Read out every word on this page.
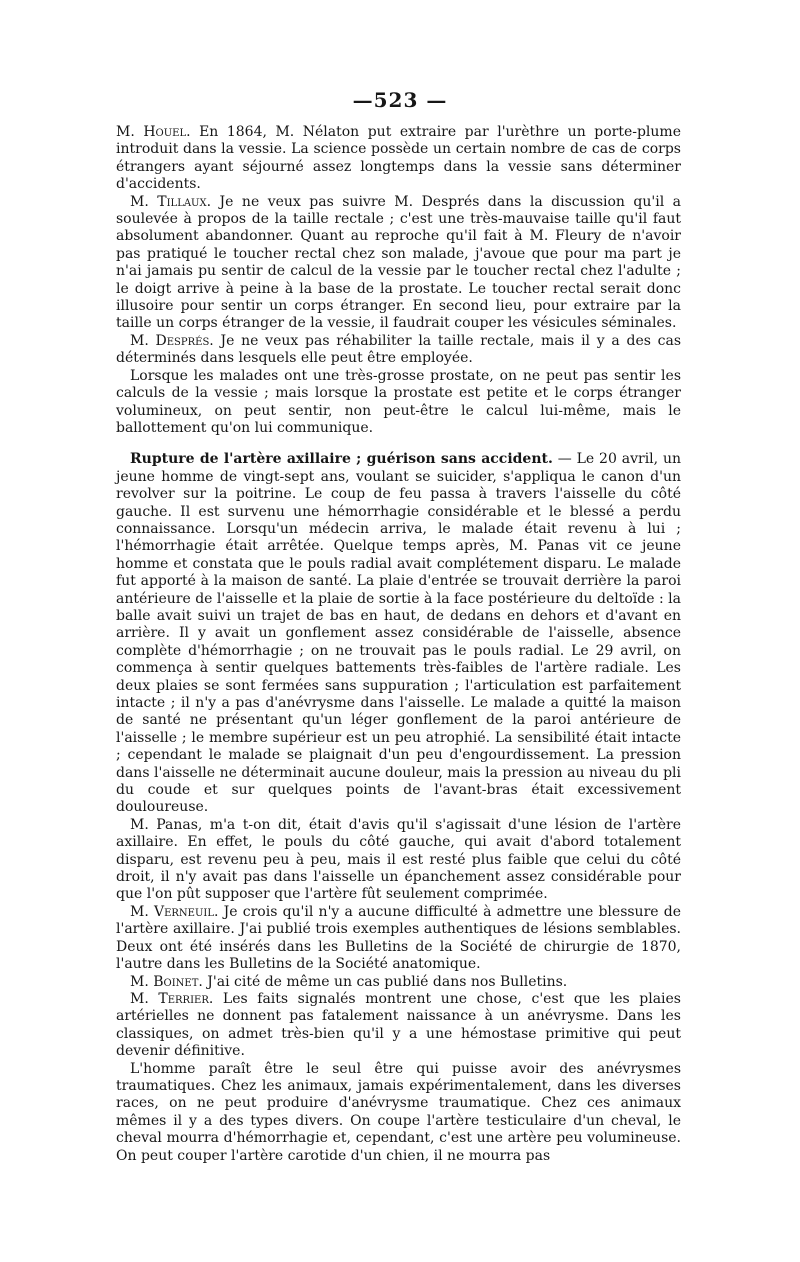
—523 —

M. Houel. En 1864, M. Nélaton put extraire par l'urèthre un porte-plume introduit dans la vessie. La science possède un certain nombre de cas de corps étrangers ayant séjourné assez longtemps dans la vessie sans déterminer d'accidents.

M. Tillaux. Je ne veux pas suivre M. Després dans la discussion qu'il a soulevée à propos de la taille rectale ; c'est une très-mauvaise taille qu'il faut absolument abandonner. Quant au reproche qu'il fait à M. Fleury de n'avoir pas pratiqué le toucher rectal chez son malade, j'avoue que pour ma part je n'ai jamais pu sentir de calcul de la vessie par le toucher rectal chez l'adulte ; le doigt arrive à peine à la base de la prostate. Le toucher rectal serait donc illusoire pour sentir un corps étranger. En second lieu, pour extraire par la taille un corps étranger de la vessie, il faudrait couper les vésicules séminales.

M. Després. Je ne veux pas réhabiliter la taille rectale, mais il y a des cas déterminés dans lesquels elle peut être employée.

Lorsque les malades ont une très-grosse prostate, on ne peut pas sentir les calculs de la vessie ; mais lorsque la prostate est petite et le corps étranger volumineux, on peut sentir, non peut-être le calcul lui-même, mais le ballottement qu'on lui communique.

Rupture de l'artère axillaire ; guérison sans accident. — Le 20 avril, un jeune homme de vingt-sept ans, voulant se suicider, s'appliqua le canon d'un revolver sur la poitrine. Le coup de feu passa à travers l'aisselle du côté gauche. Il est survenu une hémorrhagie considérable et le blessé a perdu connaissance. Lorsqu'un médecin arriva, le malade était revenu à lui ; l'hémorrhagie était arrêtée. Quelque temps après, M. Panas vit ce jeune homme et constata que le pouls radial avait complétement disparu. Le malade fut apporté à la maison de santé. La plaie d'entrée se trouvait derrière la paroi antérieure de l'aisselle et la plaie de sortie à la face postérieure du deltoïde : la balle avait suivi un trajet de bas en haut, de dedans en dehors et d'avant en arrière. Il y avait un gonflement assez considérable de l'aisselle, absence complète d'hémorrhagie ; on ne trouvait pas le pouls radial. Le 29 avril, on commença à sentir quelques battements très-faibles de l'artère radiale. Les deux plaies se sont fermées sans suppuration ; l'articulation est parfaitement intacte ; il n'y a pas d'anévrysme dans l'aisselle. Le malade a quitté la maison de santé ne présentant qu'un léger gonflement de la paroi antérieure de l'aisselle ; le membre supérieur est un peu atrophié. La sensibilité était intacte ; cependant le malade se plaignait d'un peu d'engourdissement. La pression dans l'aisselle ne déterminait aucune douleur, mais la pression au niveau du pli du coude et sur quelques points de l'avant-bras était excessivement douloureuse.

M. Panas, m'a t-on dit, était d'avis qu'il s'agissait d'une lésion de l'artère axillaire. En effet, le pouls du côté gauche, qui avait d'abord totalement disparu, est revenu peu à peu, mais il est resté plus faible que celui du côté droit, il n'y avait pas dans l'aisselle un épanchement assez considérable pour que l'on pût supposer que l'artère fût seulement comprimée.

M. Verneuil. Je crois qu'il n'y a aucune difficulté à admettre une blessure de l'artère axillaire. J'ai publié trois exemples authentiques de lésions semblables. Deux ont été insérés dans les Bulletins de la Société de chirurgie de 1870, l'autre dans les Bulletins de la Société anatomique.

M. Boinet. J'ai cité de même un cas publié dans nos Bulletins.

M. Terrier. Les faits signalés montrent une chose, c'est que les plaies artérielles ne donnent pas fatalement naissance à un anévrysme. Dans les classiques, on admet très-bien qu'il y a une hémostase primitive qui peut devenir définitive.

L'homme paraît être le seul être qui puisse avoir des anévrysmes traumatiques. Chez les animaux, jamais expérimentalement, dans les diverses races, on ne peut produire d'anévrysme traumatique. Chez ces animaux mêmes il y a des types divers. On coupe l'artère testiculaire d'un cheval, le cheval mourra d'hémorrhagie et, cependant, c'est une artère peu volumineuse. On peut couper l'artère carotide d'un chien, il ne mourra pas
